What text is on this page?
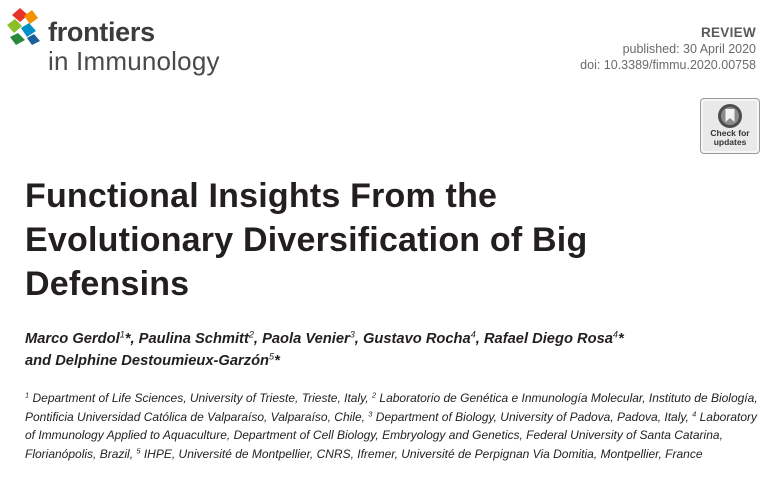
frontiers
in Immunology
REVIEW
published: 30 April 2020
doi: 10.3389/fimmu.2020.00758
Check for
updates
Functional Insights From the
Evolutionary Diversification of Big
Defensins
Marco Gerdol$^1$*, Paulina Schmitt$^2$, Paola Venier$^3$, Gustavo Rocha$^4$, Rafael Diego Rosa$^4$*
and Delphine Destoumieux-Garzón$^5$*
$^1$ Department of Life Sciences, University of Trieste, Trieste, Italy, $^2$ Laboratorio de Genética e Inmunología Molecular, Instituto de Biología, Pontificia Universidad Católica de Valparaíso, Valparaíso, Chile, $^3$ Department of Biology, University of Padova, Padova, Italy, $^4$ Laboratory of Immunology Applied to Aquaculture, Department of Cell Biology, Embryology and Genetics, Federal University of Santa Catarina, Florianópolis, Brazil, $^5$ IHPE, Université de Montpellier, CNRS, Ifremer, Université de Perpignan Via Domitia, Montpellier, France
